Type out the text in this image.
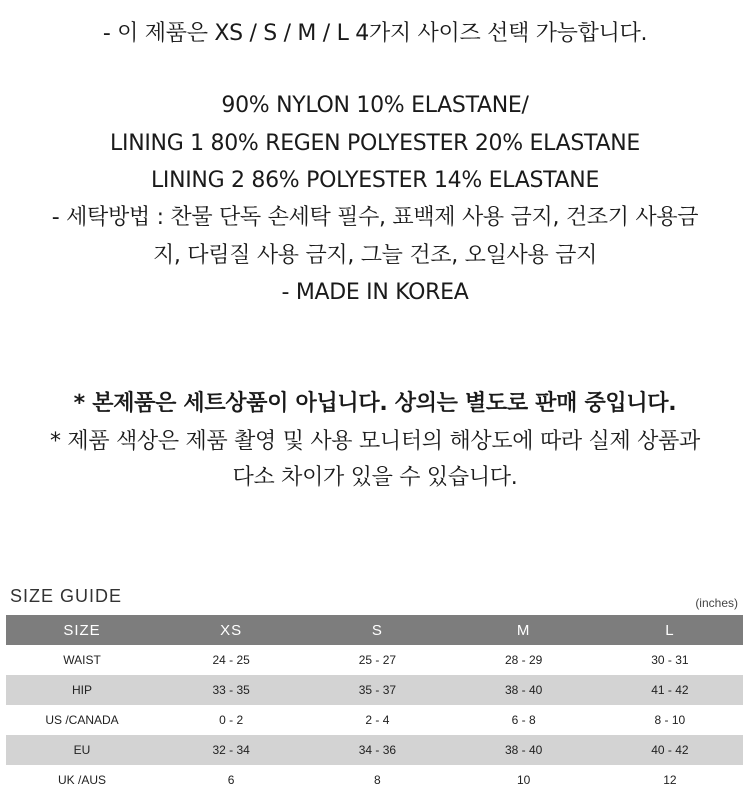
- 이 제품은 XS / S / M / L 4가지 사이즈 선택 가능합니다.
90% NYLON 10% ELASTANE/
LINING 1 80% REGEN POLYESTER 20% ELASTANE
LINING 2 86% POLYESTER 14% ELASTANE
- 세탁방법 : 찬물 단독 손세탁 필수, 표백제 사용 금지, 건조기 사용금
지, 다림질 사용 금지, 그늘 건조, 오일사용 금지
- MADE IN KOREA
* 본제품은 세트상품이 아닙니다. 상의는 별도로 판매 중입니다.
* 제품 색상은 제품 촬영 및 사용 모니터의 해상도에 따라 실제 상품과
다소 차이가 있을 수 있습니다.
SIZE GUIDE	(inches)
SIZE	XS	S	M	L
WAIST	24 - 25	25 - 27	28 - 29	30 - 31
HIP	33 - 35	35 - 37	38 - 40	41 - 42
US /CANADA	0 - 2	2 - 4	6 - 8	8 - 10
EU	32 - 34	34 - 36	38 - 40	40 - 42
UK /AUS	6	8	10	12
